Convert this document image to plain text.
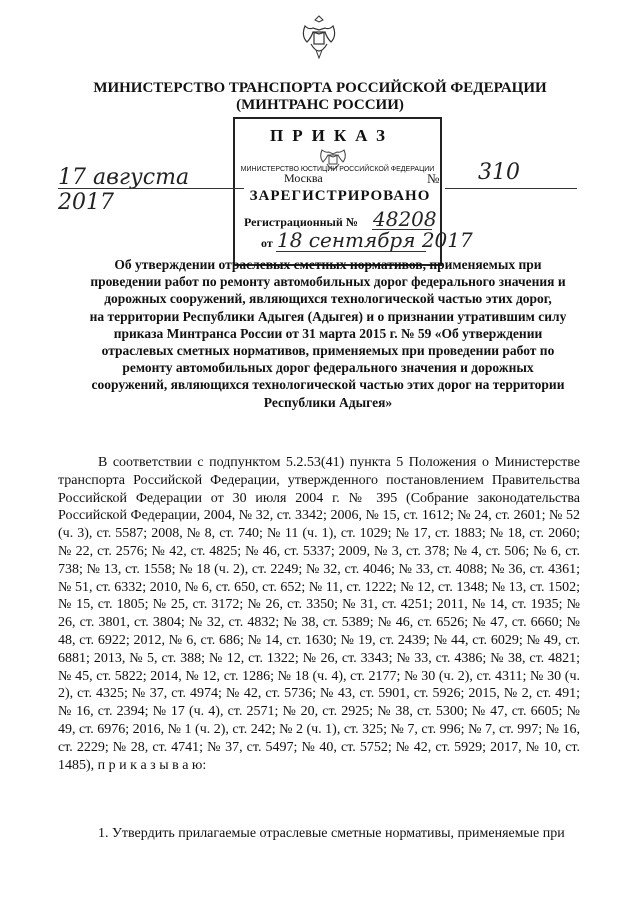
МИНИСТЕРСТВО ТРАНСПОРТА РОССИЙСКОЙ ФЕДЕРАЦИИ
(МИНТРАНС РОССИИ)
ПРИКАЗ
17 августа 2017
Москва	№ 310
МИНИСТЕРСТВО ЮСТИЦИИ РОССИЙСКОЙ ФЕДЕРАЦИИ
ЗАРЕГИСТРИРОВАНО
Регистрационный № 48208
от 18 сентября 2017
Об утверждении отраслевых сметных нормативов, применяемых при
проведении работ по ремонту автомобильных дорог федерального значения и
дорожных сооружений, являющихся технологической частью этих дорог,
на территории Республики Адыгея (Адыгея) и о признании утратившим силу
приказа Минтранса России от 31 марта 2015 г. № 59 «Об утверждении
отраслевых сметных нормативов, применяемых при проведении работ по
ремонту автомобильных дорог федерального значения и дорожных
сооружений, являющихся технологической частью этих дорог на территории
Республики Адыгея»

В соответствии с подпунктом 5.2.53(41) пункта 5 Положения о Министерстве транспорта Российской Федерации, утвержденного постановлением Правительства Российской Федерации от 30 июля 2004 г. № 395 (Собрание законодательства Российской Федерации, 2004, № 32, ст. 3342; 2006, № 15, ст. 1612; № 24, ст. 2601; № 52 (ч. 3), ст. 5587; 2008, № 8, ст. 740; № 11 (ч. 1), ст. 1029; № 17, ст. 1883; № 18, ст. 2060; № 22, ст. 2576; № 42, ст. 4825; № 46, ст. 5337; 2009, № 3, ст. 378; № 4, ст. 506; № 6, ст. 738; № 13, ст. 1558; № 18 (ч. 2), ст. 2249; № 32, ст. 4046; № 33, ст. 4088; № 36, ст. 4361; № 51, ст. 6332; 2010, № 6, ст. 650, ст. 652; № 11, ст. 1222; № 12, ст. 1348; № 13, ст. 1502; № 15, ст. 1805; № 25, ст. 3172; № 26, ст. 3350; № 31, ст. 4251; 2011, № 14, ст. 1935; № 26, ст. 3801, ст. 3804; № 32, ст. 4832; № 38, ст. 5389; № 46, ст. 6526; № 47, ст. 6660; № 48, ст. 6922; 2012, № 6, ст. 686; № 14, ст. 1630; № 19, ст. 2439; № 44, ст. 6029; № 49, ст. 6881; 2013, № 5, ст. 388; № 12, ст. 1322; № 26, ст. 3343; № 33, ст. 4386; № 38, ст. 4821; № 45, ст. 5822; 2014, № 12, ст. 1286; № 18 (ч. 4), ст. 2177; № 30 (ч. 2), ст. 4311; № 30 (ч. 2), ст. 4325; № 37, ст. 4974; № 42, ст. 5736; № 43, ст. 5901, ст. 5926; 2015, № 2, ст. 491; № 16, ст. 2394; № 17 (ч. 4), ст. 2571; № 20, ст. 2925; № 38, ст. 5300; № 47, ст. 6605; № 49, ст. 6976; 2016, № 1 (ч. 2), ст. 242; № 2 (ч. 1), ст. 325; № 7, ст. 996; № 7, ст. 997; № 16, ст. 2229; № 28, ст. 4741; № 37, ст. 5497; № 40, ст. 5752; № 42, ст. 5929; 2017, № 10, ст. 1485), п р и к а з ы в а ю:

1. Утвердить прилагаемые отраслевые сметные нормативы, применяемые при
